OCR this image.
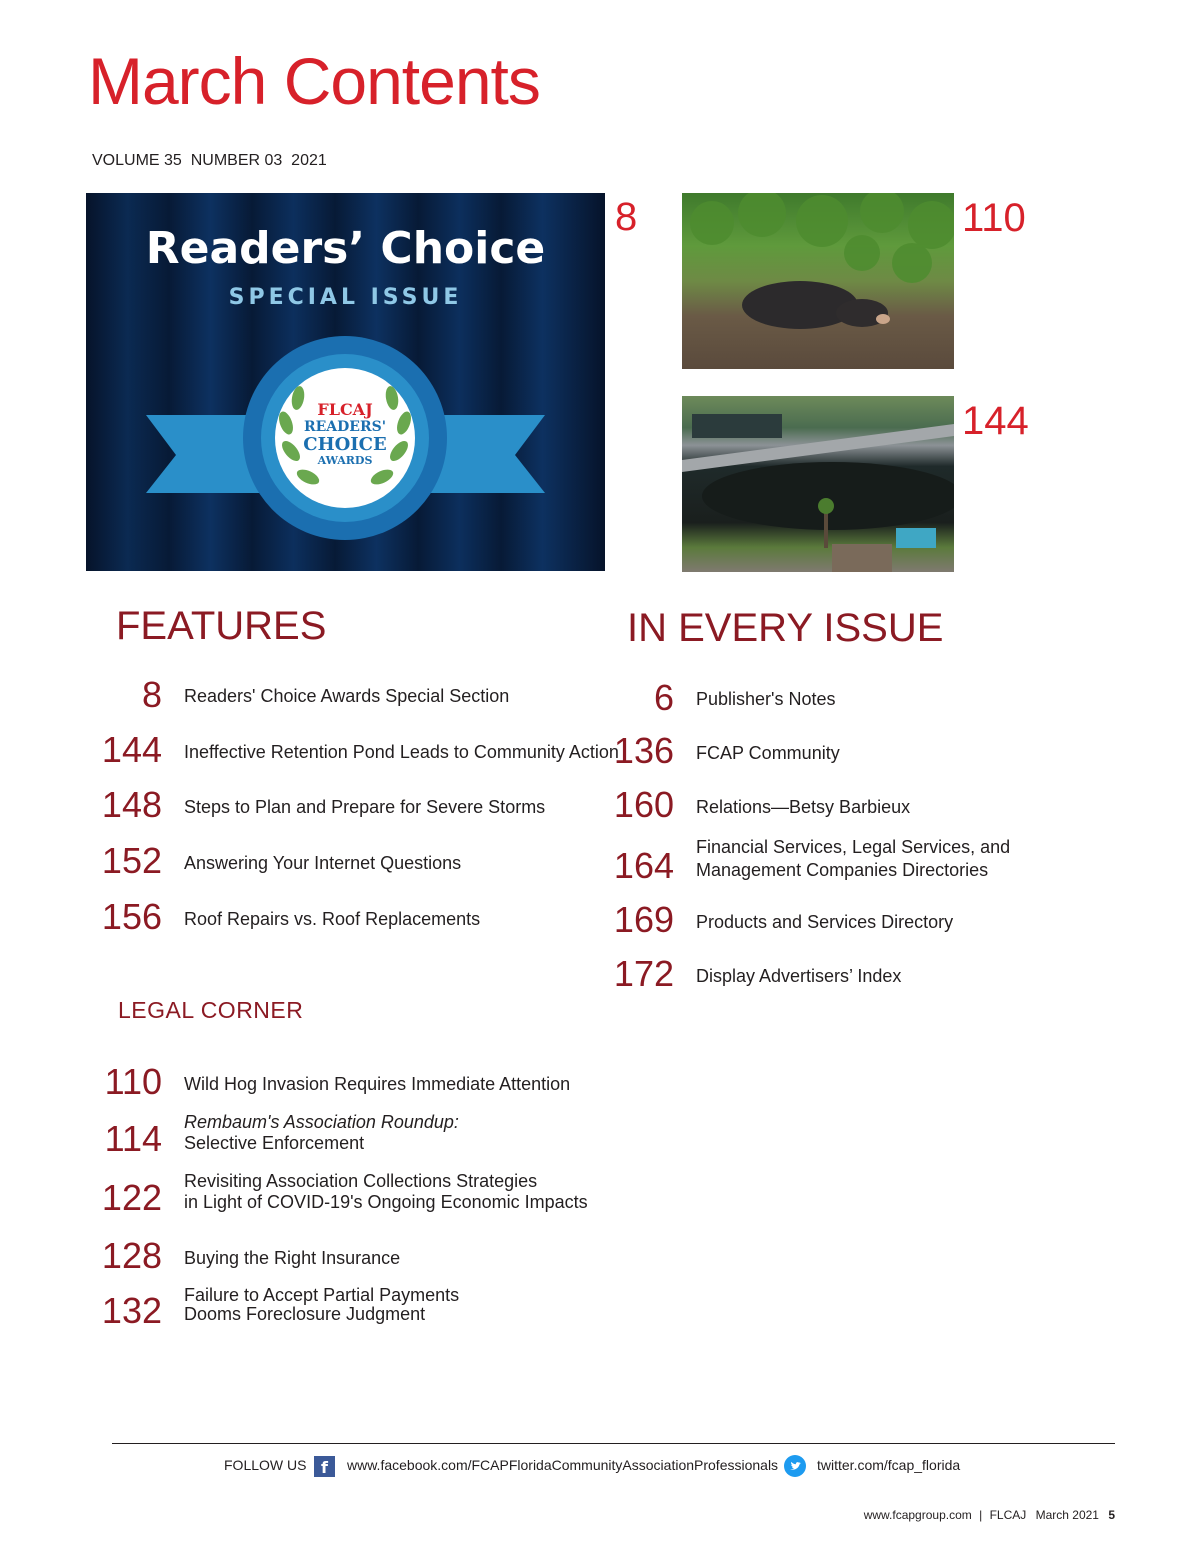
March Contents
VOLUME 35  NUMBER 03  2021
FLCAJ
READERS'
CHOICE
AWARDS
Readers’ Choice
SPECIAL ISSUE
8	110
144
FEATURES
8 Readers' Choice Awards Special Section
144 Ineffective Retention Pond Leads to Community Action
148 Steps to Plan and Prepare for Severe Storms
152 Answering Your Internet Questions
156 Roof Repairs vs. Roof Replacements
LEGAL CORNER
110 Wild Hog Invasion Requires Immediate Attention
114 Rembaum's Association Roundup:
Selective Enforcement
122 Revisiting Association Collections Strategies
in Light of COVID-19's Ongoing Economic Impacts
128 Buying the Right Insurance
132 Failure to Accept Partial Payments
Dooms Foreclosure Judgment
IN EVERY ISSUE
6 Publisher's Notes
136 FCAP Community
160 Relations—Betsy Barbieux
164 Financial Services, Legal Services, and
Management Companies Directories
169 Products and Services Directory
172 Display Advertisers’ Index
FOLLOW US f	www.facebook.com/FCAPFloridaCommunityAssociationProfessionals	twitter.com/fcap_florida
www.fcapgroup.com | FLCAJ March 2021 5
